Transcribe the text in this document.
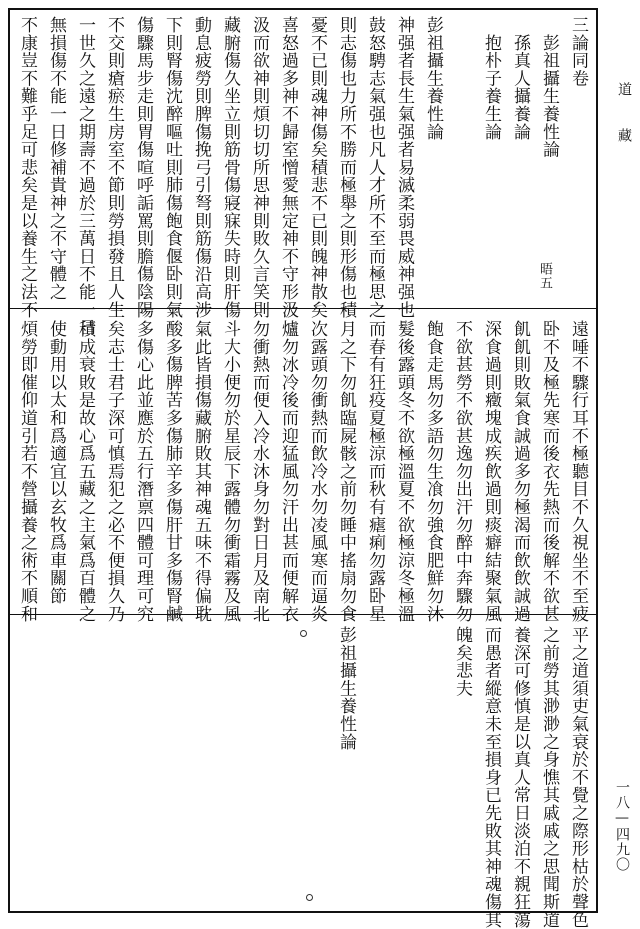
晤五
三論同卷
　彭祖攝生養性論
　孫真人攝養論
　抱朴子養生論
彭祖攝生養性論
神强者長生氣强者易滅柔弱畏威神强也
鼓怒騁志氣强也凡人才所不至而極思之
則志傷也力所不勝而極舉之則形傷也積
憂不已則魂神傷矣積悲不已則魄神散矣
喜怒過多神不歸室憎愛無定神不守形汲
汲而欲神則煩切切所思神則敗久言笑則
藏腑傷久坐立則筋骨傷寢寐失時則肝傷
動息疲勞則脾傷挽弓引弩則筋傷沿高涉
下則腎傷沈醉嘔吐則肺傷飽食偃卧則氣
傷驟馬步走則胃傷喧呼詬罵則膽傷陰陽
不交則瘡瘀生房室不節則勞損發且人生
一世久之遠之期壽不過於三萬日不能一日
無損傷不能一日修補貴神之不守體之
不康豈不難乎足可悲矣是以養生之法不
遠唾不驟行耳不極聽目不久視坐不至疲
卧不及極先寒而後衣先熱而後解不欲甚
飢飢則敗氣食誠過多勿極渴而飲飲誠過
深食過則癥塊成疾飲過則痰癖結聚氣風
不欲甚勞不欲甚逸勿出汗勿醉中奔驟勿
飽食走馬勿多語勿生飡勿強食肥鮮勿沐
髮後露頭冬不欲極溫夏不欲極涼冬極溫
而春有狂疫夏極涼而秋有瘧痢勿露卧星
月之下勿飢臨屍骸之前勿睡中搖扇勿食
次露頭勿衝熱而飲冷水勿凌風寒而逼炎
爐勿冰冷後而迎猛風勿汗出甚而便解衣
勿衝熱而便入冷水沐身勿對日月及南北
斗大小便勿於星辰下露體勿衝霜霧及風
氣此皆損傷藏腑敗其神魂五味不得偏耽
酸多傷脾苦多傷肺辛多傷肝甘多傷腎鹹
多傷心此並應於五行潛禀四體可理可究
矣志士君子深可慎焉犯之必不便損久乃
積成衰敗是故心爲五藏之主氣爲百體之
使動用以太和爲適宜以玄牧爲車關節
煩勞即催仰道引若不營攝養之術不順和
平之道須吏氣衰於不覺之際形枯於聲色
之前勞其渺渺之身憔其戚戚之思聞斯道
養深可修慎是以真人常日淡泊不親狂蕩
而愚者縱意未至損身已先敗其神魂傷其
魄矣悲夫
彭祖攝生養性論
道
藏
一八—四九〇
